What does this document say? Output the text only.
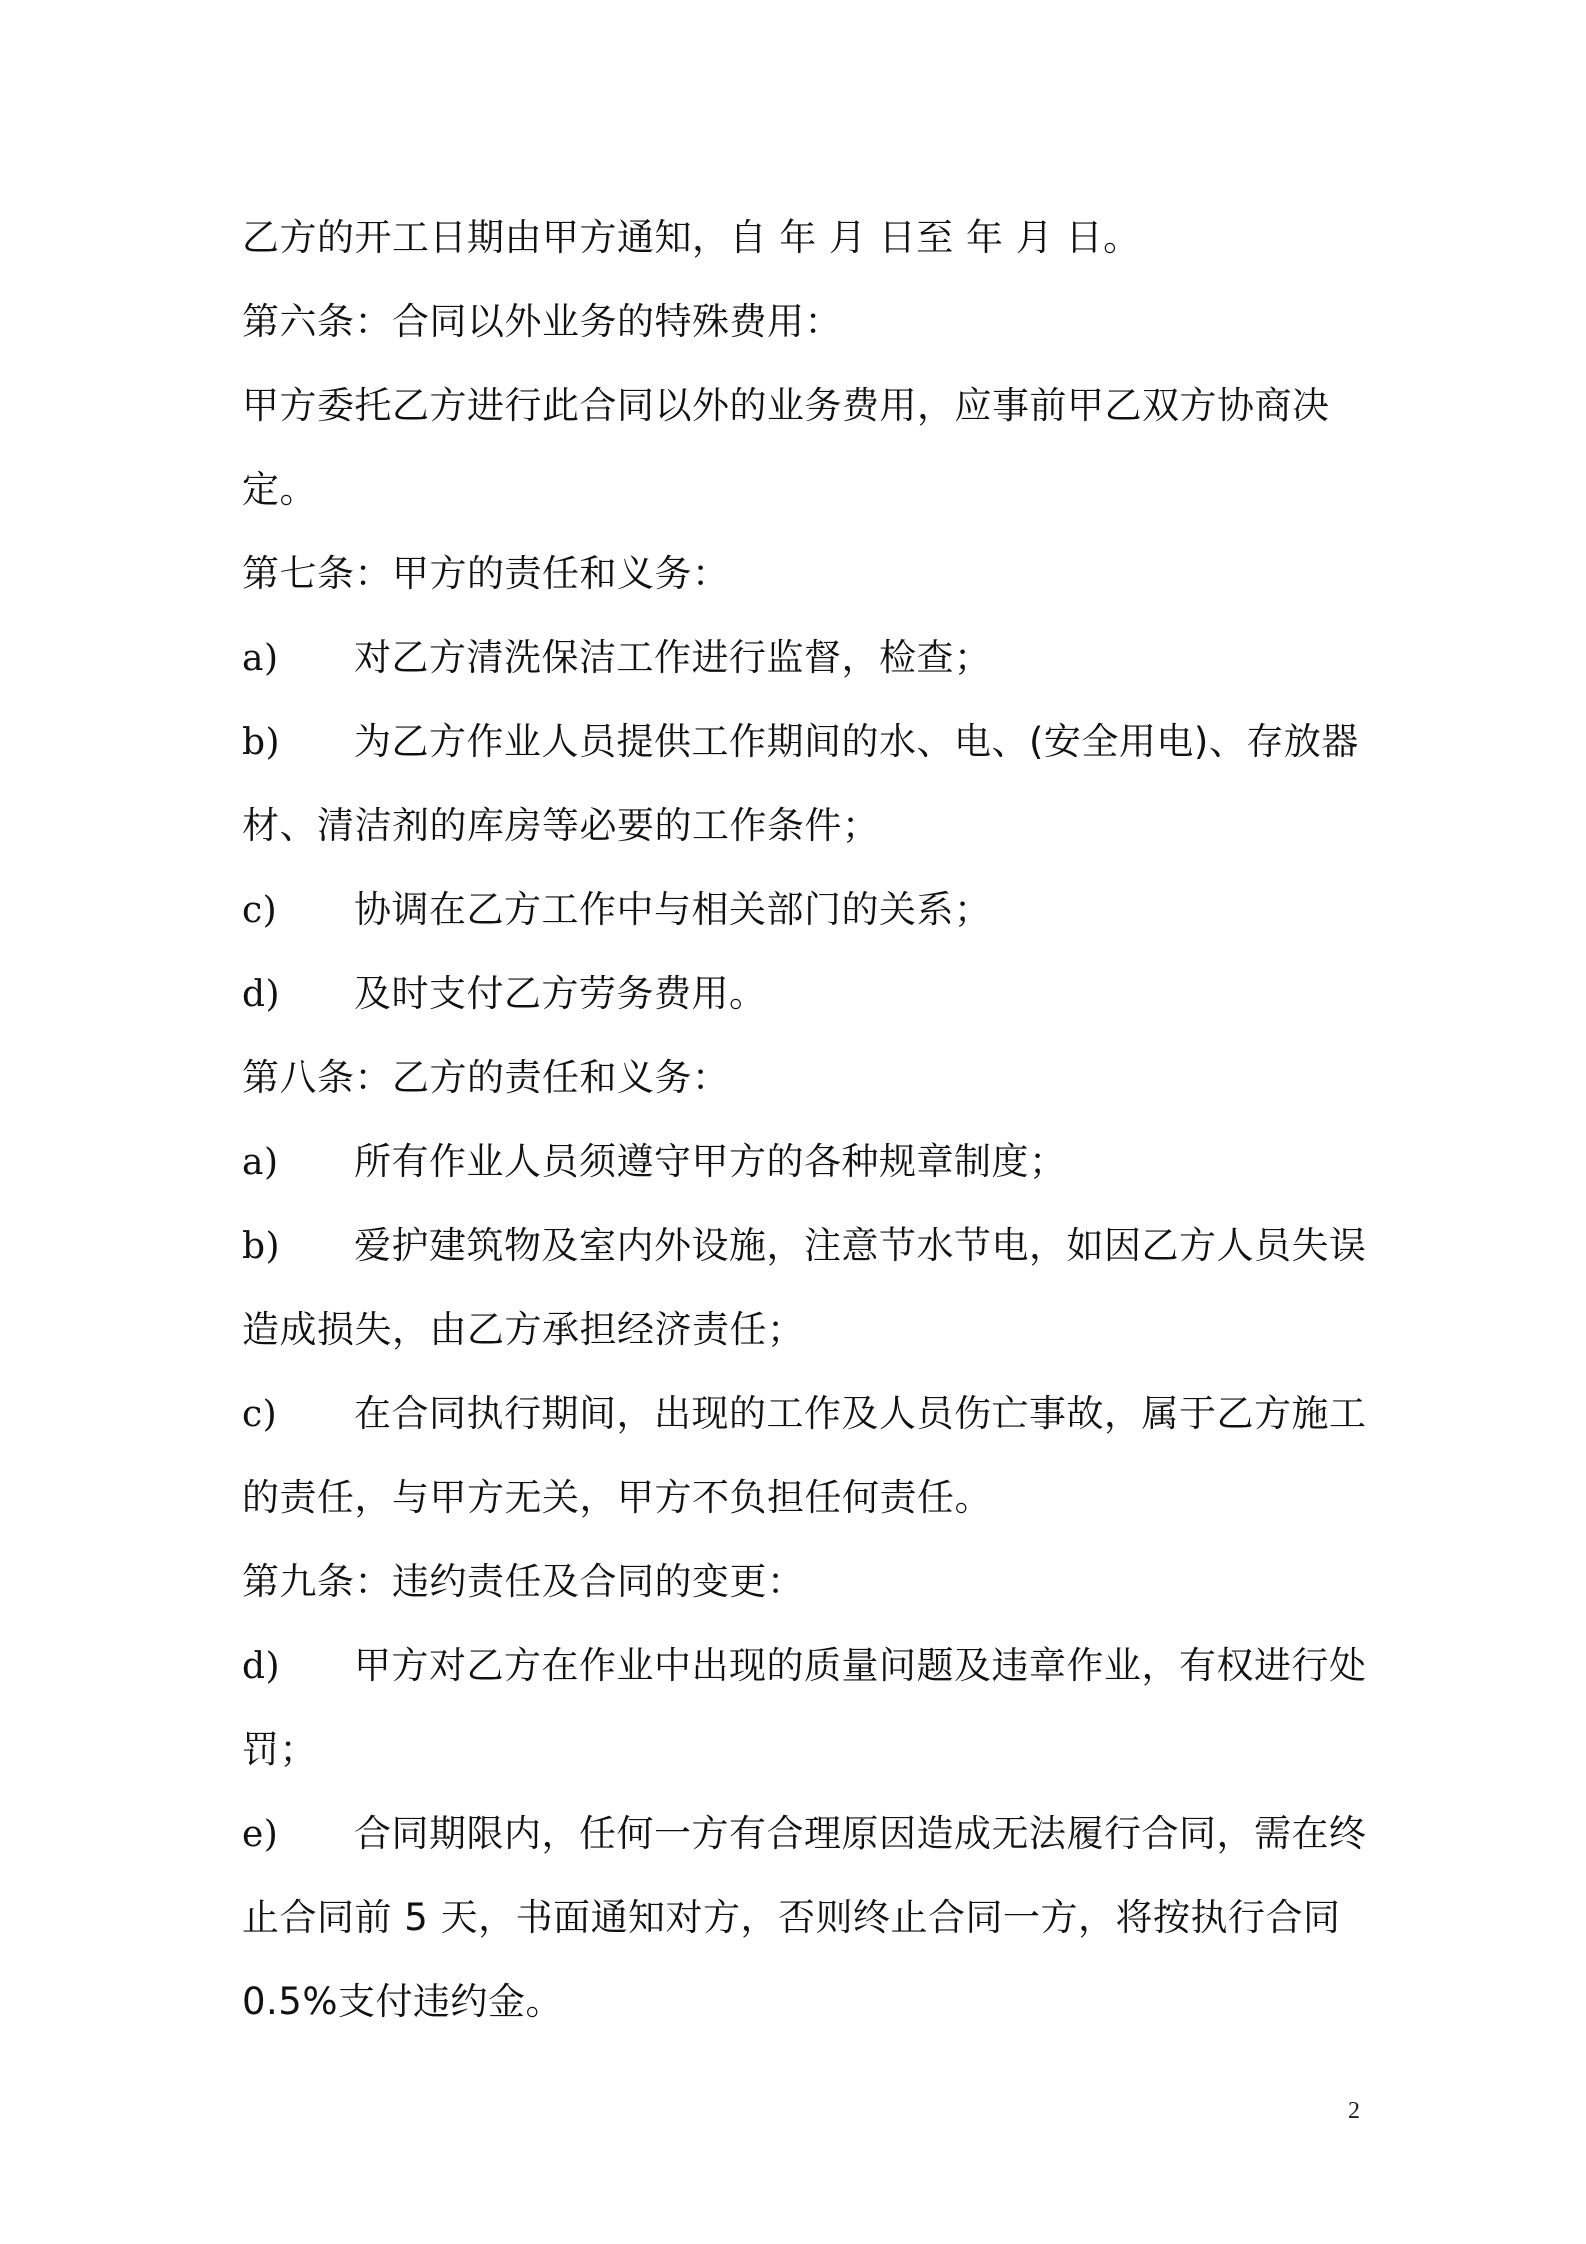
乙方的开工日期由甲方通知，自 年 月 日至 年 月 日。
第六条：合同以外业务的特殊费用：
甲方委托乙方进行此合同以外的业务费用，应事前甲乙双方协商决
定。
第七条：甲方的责任和义务：
a) 对乙方清洗保洁工作进行监督，检查；
b) 为乙方作业人员提供工作期间的水、电、(安全用电)、存放器
材、清洁剂的库房等必要的工作条件；
c) 协调在乙方工作中与相关部门的关系；
d) 及时支付乙方劳务费用。
第八条：乙方的责任和义务：
a) 所有作业人员须遵守甲方的各种规章制度；
b) 爱护建筑物及室内外设施，注意节水节电，如因乙方人员失误
造成损失，由乙方承担经济责任；
c) 在合同执行期间，出现的工作及人员伤亡事故，属于乙方施工
的责任，与甲方无关，甲方不负担任何责任。
第九条：违约责任及合同的变更：
d) 甲方对乙方在作业中出现的质量问题及违章作业，有权进行处
罚；
e) 合同期限内，任何一方有合理原因造成无法履行合同，需在终
止合同前 5 天，书面通知对方，否则终止合同一方，将按执行合同
0.5%支付违约金。
2
